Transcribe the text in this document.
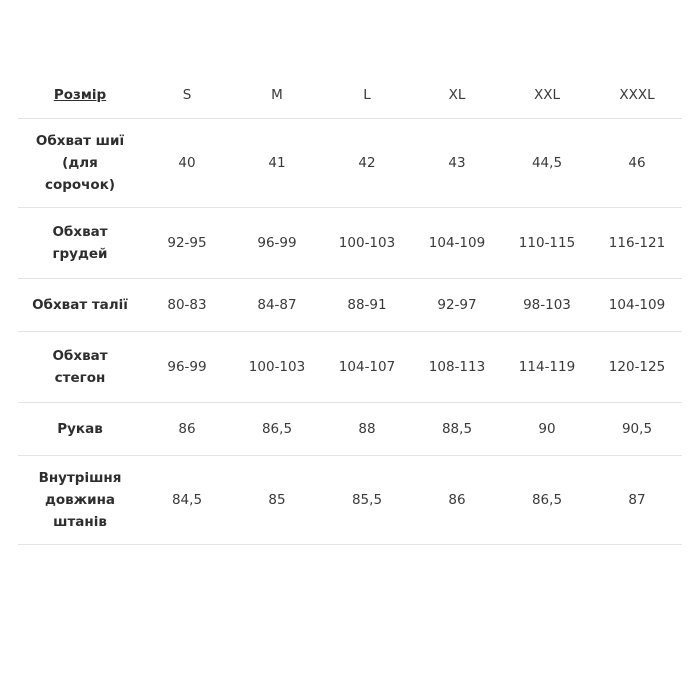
Розмір	S	M	L	XL	XXL	XXXL

Обхват шиї
(для
сорочок)	40	41	42	43	44,5	46

Обхват
грудей	92-95	96-99	100-103	104-109	110-115	116-121

Обхват талії	80-83	84-87	88-91	92-97	98-103	104-109

Обхват
стегон	96-99	100-103	104-107	108-113	114-119	120-125

Рукав	86	86,5	88	88,5	90	90,5

Внутрішня
довжина
штанів	84,5	85	85,5	86	86,5	87
